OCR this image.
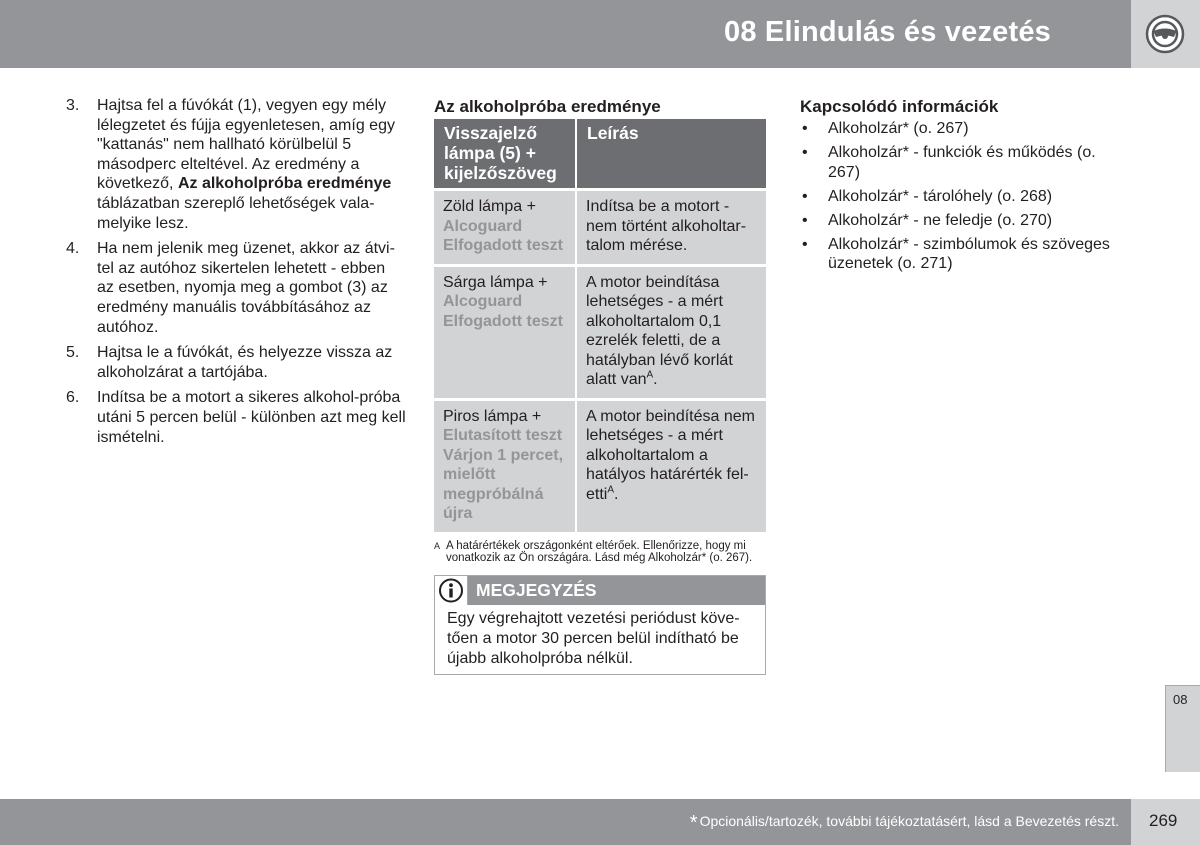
08 Elindulás és vezetés
3. Hajtsa fel a fúvókát (1), vegyen egy mély lélegzetet és fújja egyenletesen, amíg egy "kattanás" nem hallható körülbelül 5 másodperc elteltével. Az eredmény a következő, Az alkoholpróba eredménye táblázatban szereplő lehetőségek vala-melyike lesz.
4. Ha nem jelenik meg üzenet, akkor az átvi-tel az autóhoz sikertelen lehetett - ebben az esetben, nyomja meg a gombot (3) az eredmény manuális továbbításához az autóhoz.
5. Hajtsa le a fúvókát, és helyezze vissza az alkoholzárat a tartójába.
6. Indítsa be a motort a sikeres alkohol-próba utáni 5 percen belül - különben azt meg kell ismételni.
Az alkoholpróba eredménye
Visszajelző lámpa (5) + kijelzőszöveg	Leírás

Zöld lámpa +
Alcoguard Elfogadott teszt	Indítsa be a motort - nem történt alkoholtar-talom mérése.

Sárga lámpa +
Alcoguard Elfogadott teszt	A motor beindítása lehetséges - a mért alkoholtartalom 0,1 ezrelék feletti, de a hatályban lévő korlát alatt van$^A$.

Piros lámpa +
Elutasított teszt Várjon 1 percet, mielőtt megpróbálná újra	A motor beindítésa nem lehetséges - a mért alkoholtartalom a hatályos határérték fel-etti$^A$.
A A határértékek országonként eltérőek. Ellenőrizze, hogy mi vonatkozik az Ön országára. Lásd még Alkoholzár* (o. 267).
MEGJEGYZÉS
Egy végrehajtott vezetési periódust köve-tően a motor 30 percen belül indítható be újabb alkoholpróba nélkül.
Kapcsolódó információk
• Alkoholzár* (o. 267)
• Alkoholzár* - funkciók és működés (o. 267)
• Alkoholzár* - tárolóhely (o. 268)
• Alkoholzár* - ne feledje (o. 270)
• Alkoholzár* - szimbólumok és szöveges üzenetek (o. 271)
08
* Opcionális/tartozék, további tájékoztatásért, lásd a Bevezetés részt. 269
